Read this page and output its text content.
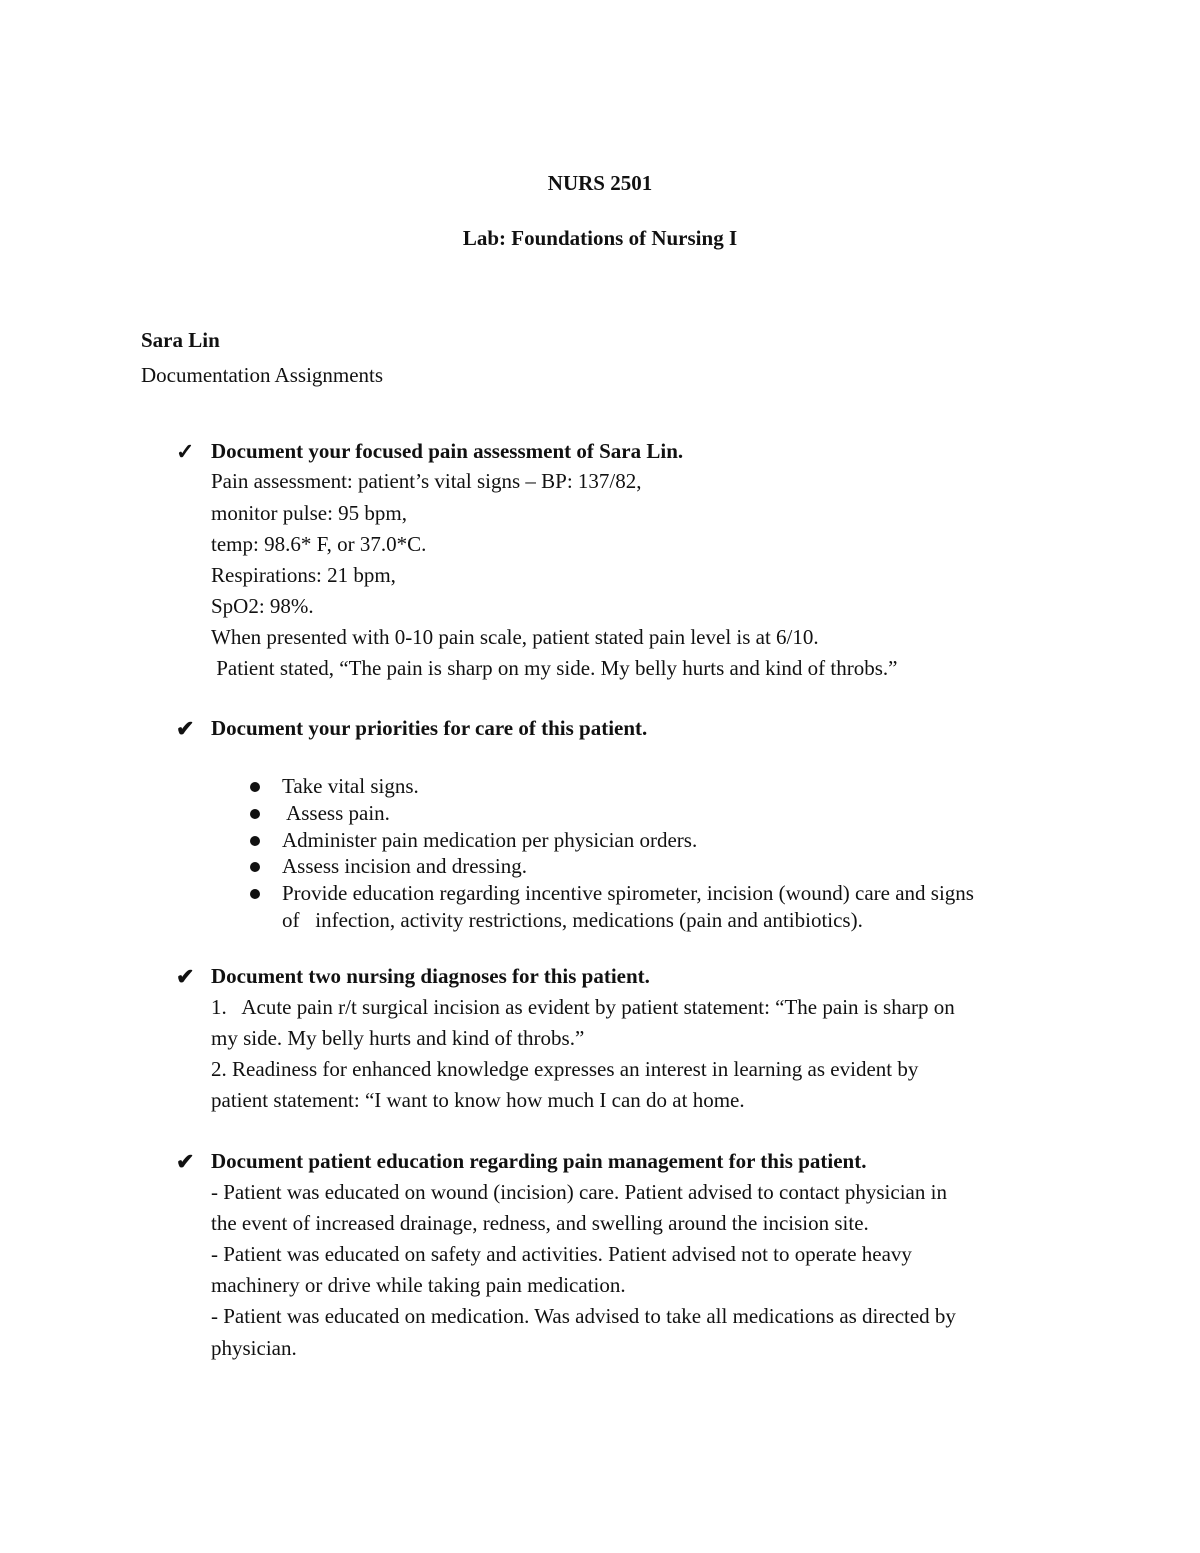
NURS 2501
Lab: Foundations of Nursing I
Sara Lin
Documentation Assignments
✓ Document your focused pain assessment of Sara Lin.
Pain assessment: patient’s vital signs – BP: 137/82,
monitor pulse: 95 bpm,
temp: 98.6* F, or 37.0*C.
Respirations: 21 bpm,
SpO2: 98%.
When presented with 0-10 pain scale, patient stated pain level is at 6/10.
Patient stated, “The pain is sharp on my side. My belly hurts and kind of throbs.”
✔ Document your priorities for care of this patient.
Take vital signs.
Assess pain.
Administer pain medication per physician orders.
Assess incision and dressing.
Provide education regarding incentive spirometer, incision (wound) care and signs
of   infection, activity restrictions, medications (pain and antibiotics).
✔ Document two nursing diagnoses for this patient.
1.   Acute pain r/t surgical incision as evident by patient statement: “The pain is sharp on
my side. My belly hurts and kind of throbs.”
2. Readiness for enhanced knowledge expresses an interest in learning as evident by
patient statement: “I want to know how much I can do at home.
✔ Document patient education regarding pain management for this patient.
- Patient was educated on wound (incision) care. Patient advised to contact physician in
the event of increased drainage, redness, and swelling around the incision site.
- Patient was educated on safety and activities. Patient advised not to operate heavy
machinery or drive while taking pain medication.
- Patient was educated on medication. Was advised to take all medications as directed by
physician.
